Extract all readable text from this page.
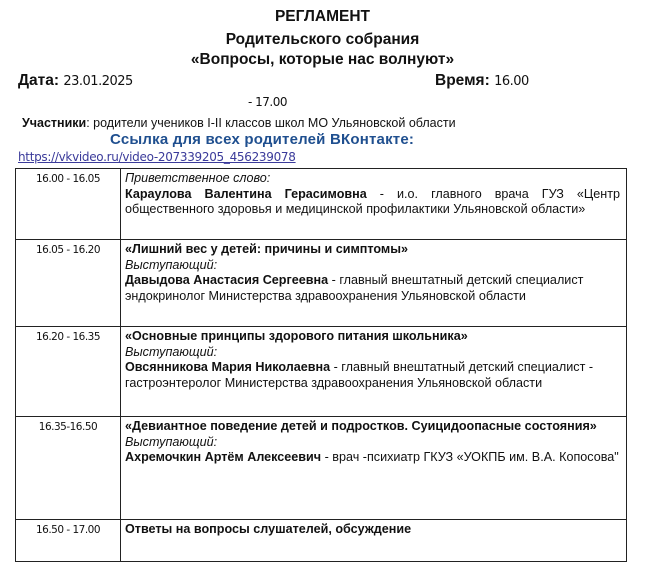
РЕГЛАМЕНТ
Родительского собрания
«Вопросы, которые нас волнуют»
Дата: 23.01.2025	Время: 16.00
- 17.00
Участники: родители учеников I-II классов школ МО Ульяновской области
Ссылка для всех родителей ВКонтакте:
https://vkvideo.ru/video-207339205_456239078
16.00 - 16.05	Приветственное слово:
Караулова Валентина Герасимовна - и.о. главного врача ГУЗ «Центр общественного здоровья и медицинской профилактики Ульяновской области»

16.05 - 16.20	«Лишний вес у детей: причины и симптомы»
Выступающий:
Давыдова Анастасия Сергеевна - главный внештатный детский специалист эндокринолог Министерства здравоохранения Ульяновской области

16.20 - 16.35	«Основные принципы здорового питания школьника»
Выступающий:
Овсянникова Мария Николаевна - главный внештатный детский специалист - гастроэнтеролог Министерства здравоохранения Ульяновской области

16.35-16.50	«Девиантное поведение детей и подростков. Суицидоопасные состояния»
Выступающий:
Ахремочкин Артём Алексеевич - врач -психиатр ГКУЗ «УОКПБ им. В.А. Копосова"

16.50 - 17.00	Ответы на вопросы слушателей, обсуждение
